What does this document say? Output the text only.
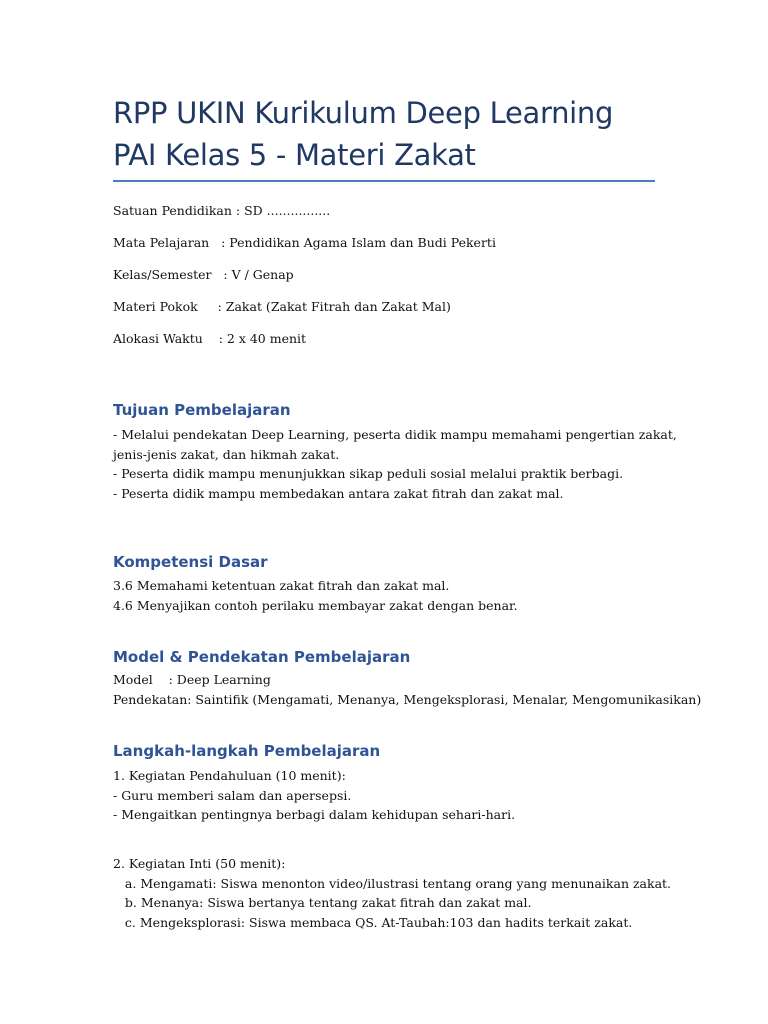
RPP UKIN Kurikulum Deep Learning
PAI Kelas 5 - Materi Zakat
Satuan Pendidikan : SD ................
Mata Pelajaran   : Pendidikan Agama Islam dan Budi Pekerti
Kelas/Semester   : V / Genap
Materi Pokok     : Zakat (Zakat Fitrah dan Zakat Mal)
Alokasi Waktu    : 2 x 40 menit
Tujuan Pembelajaran
- Melalui pendekatan Deep Learning, peserta didik mampu memahami pengertian zakat,
jenis-jenis zakat, dan hikmah zakat.
- Peserta didik mampu menunjukkan sikap peduli sosial melalui praktik berbagi.
- Peserta didik mampu membedakan antara zakat fitrah dan zakat mal.
Kompetensi Dasar
3.6 Memahami ketentuan zakat fitrah dan zakat mal.
4.6 Menyajikan contoh perilaku membayar zakat dengan benar.
Model & Pendekatan Pembelajaran
Model    : Deep Learning
Pendekatan: Saintifik (Mengamati, Menanya, Mengeksplorasi, Menalar, Mengomunikasikan)
Langkah-langkah Pembelajaran
1. Kegiatan Pendahuluan (10 menit):
- Guru memberi salam dan apersepsi.
- Mengaitkan pentingnya berbagi dalam kehidupan sehari-hari.
2. Kegiatan Inti (50 menit):
a. Mengamati: Siswa menonton video/ilustrasi tentang orang yang menunaikan zakat.
b. Menanya: Siswa bertanya tentang zakat fitrah dan zakat mal.
c. Mengeksplorasi: Siswa membaca QS. At-Taubah:103 dan hadits terkait zakat.
